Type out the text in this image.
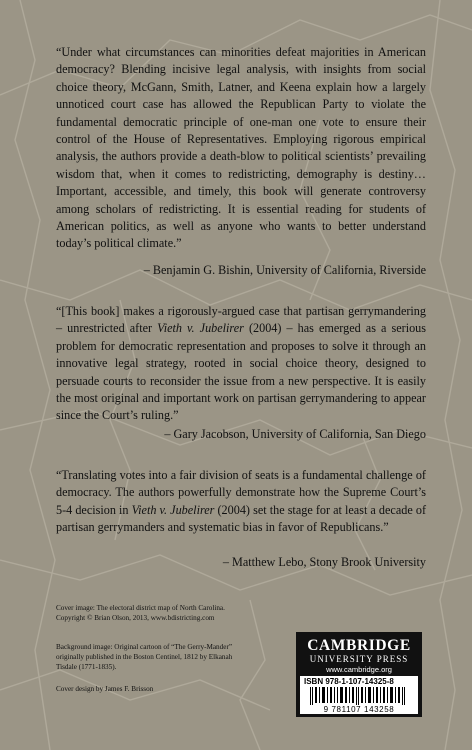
“Under what circumstances can minorities defeat majorities in American democracy? Blending incisive legal analysis, with insights from social choice theory, McGann, Smith, Latner, and Keena explain how a largely unnoticed court case has allowed the Republican Party to violate the fundamental democratic principle of one-man one vote to ensure their control of the House of Representatives. Employing rigorous empirical analysis, the authors provide a death-blow to political scientists’ prevailing wisdom that, when it comes to redistricting, demography is destiny… Important, accessible, and timely, this book will generate controversy among scholars of redistricting. It is essential reading for students of American politics, as well as anyone who wants to better understand today’s political climate.”
– Benjamin G. Bishin, University of California, Riverside
“[This book] makes a rigorously-argued case that partisan gerrymandering – unrestricted after Vieth v. Jubelirer (2004) – has emerged as a serious problem for democratic representation and proposes to solve it through an innovative legal strategy, rooted in social choice theory, designed to persuade courts to reconsider the issue from a new perspective. It is easily the most original and important work on partisan gerrymandering to appear since the Court’s ruling.”
– Gary Jacobson, University of California, San Diego
“Translating votes into a fair division of seats is a fundamental challenge of democracy. The authors powerfully demonstrate how the Supreme Court’s 5-4 decision in Vieth v. Jubelirer (2004) set the stage for at least a decade of partisan gerrymanders and systematic bias in favor of Republicans.”
– Matthew Lebo, Stony Brook University
Cover image: The electoral district map of North Carolina. Copyright © Brian Olson, 2013, www.bdistricting.com
Background image: Original cartoon of “The Gerry-Mander” originally published in the Boston Centinel, 1812 by Elkanah Tisdale (1771-1835).
Cover design by James F. Brisson
CAMBRIDGE
UNIVERSITY PRESS
www.cambridge.org
ISBN 978-1-107-14325-8
9 781107 143258
